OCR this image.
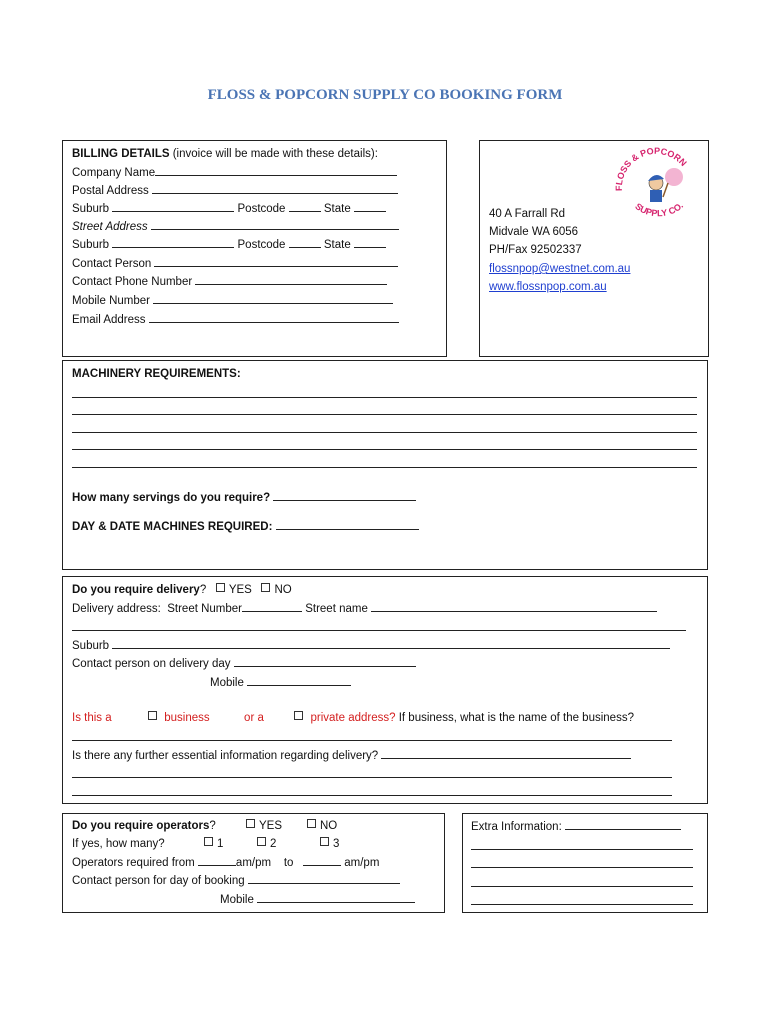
FLOSS & POPCORN SUPPLY CO BOOKING FORM
BILLING DETAILS (invoice will be made with these details):
Company Name
Postal Address
Suburb	Postcode	State
Street Address
Suburb	Postcode	State
Contact Person
Contact Phone Number
Mobile Number
Email Address
FLOSS & POPCORN
SUPPLY CO.
40 A Farrall Rd
Midvale WA 6056
PH/Fax 92502337
flossnpop@westnet.com.au
www.flossnpop.com.au
MACHINERY REQUIREMENTS:
How many servings do you require?
DAY & DATE MACHINES REQUIRED:
Do you require delivery? YES NO
Delivery address: Street Number	Street name
Suburb
Contact person on delivery day
Mobile
Is this a	business	or a	private address? If business, what is the name of the business?
Is there any further essential information regarding delivery?
Do you require operators?	YES	NO
If yes, how many?	1	2	3
Operators required from	am/pm to	am/pm
Contact person for day of booking
Mobile
Extra Information:
